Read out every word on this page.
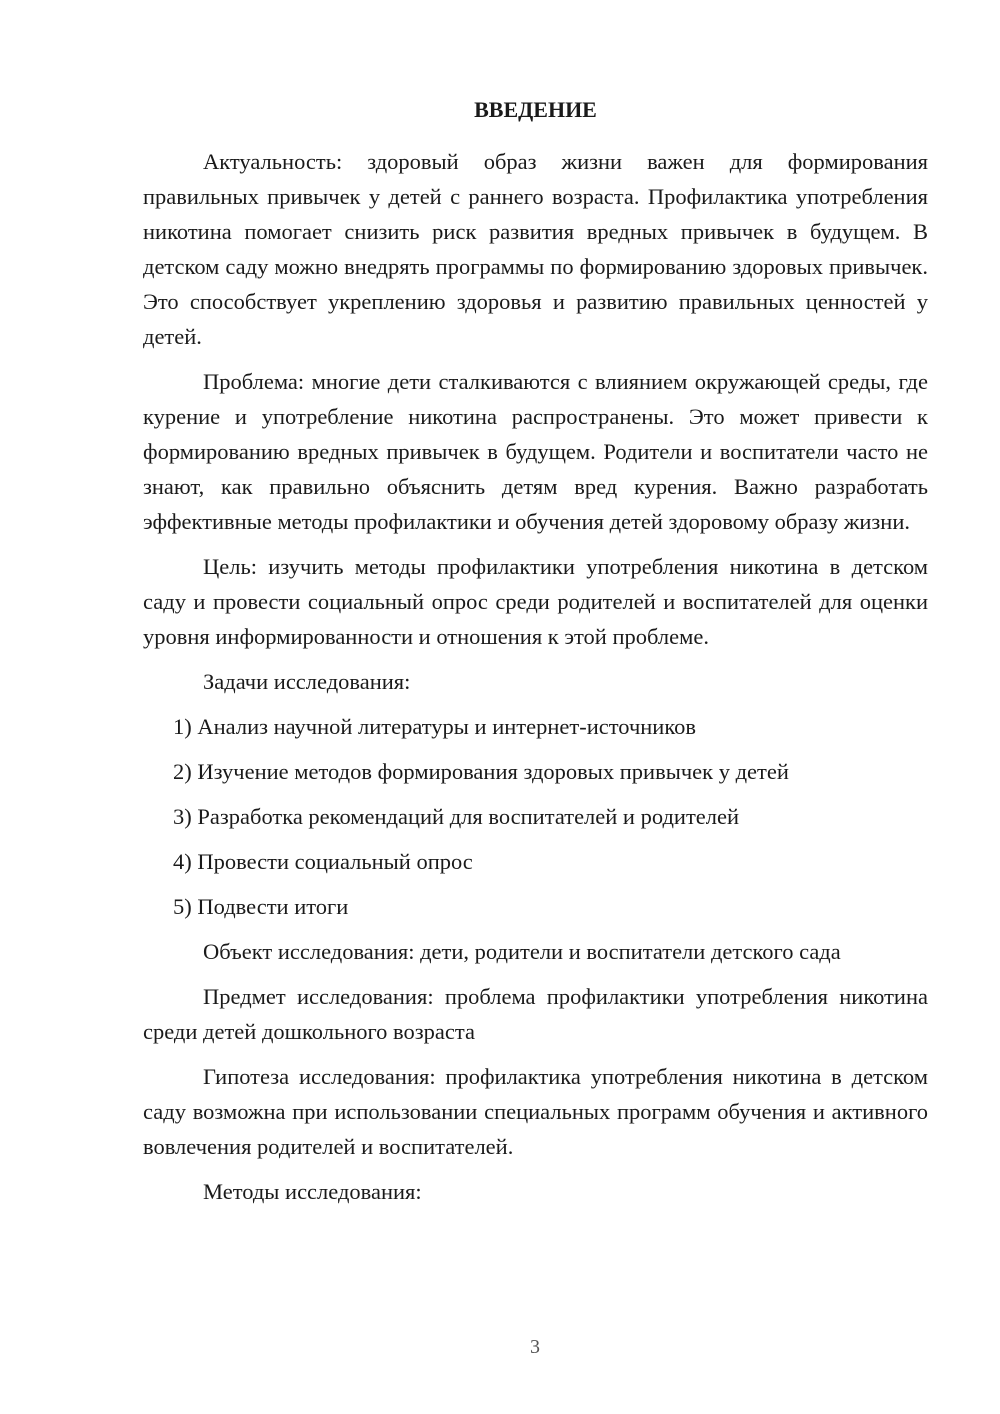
ВВЕДЕНИЕ

Актуальность: здоровый образ жизни важен для формирования правильных привычек у детей с раннего возраста. Профилактика употребления никотина помогает снизить риск развития вредных привычек в будущем. В детском саду можно внедрять программы по формированию здоровых привычек. Это способствует укреплению здоровья и развитию правильных ценностей у детей.

Проблема: многие дети сталкиваются с влиянием окружающей среды, где курение и употребление никотина распространены. Это может привести к формированию вредных привычек в будущем. Родители и воспитатели часто не знают, как правильно объяснить детям вред курения. Важно разработать эффективные методы профилактики и обучения детей здоровому образу жизни.

Цель: изучить методы профилактики употребления никотина в детском саду и провести социальный опрос среди родителей и воспитателей для оценки уровня информированности и отношения к этой проблеме.

Задачи исследования:

1) Анализ научной литературы и интернет-источников

2) Изучение методов формирования здоровых привычек у детей

3) Разработка рекомендаций для воспитателей и родителей

4) Провести социальный опрос

5) Подвести итоги

Объект исследования: дети, родители и воспитатели детского сада

Предмет исследования: проблема профилактики употребления никотина среди детей дошкольного возраста

Гипотеза исследования: профилактика употребления никотина в детском саду возможна при использовании специальных программ обучения и активного вовлечения родителей и воспитателей.

Методы исследования:

3
